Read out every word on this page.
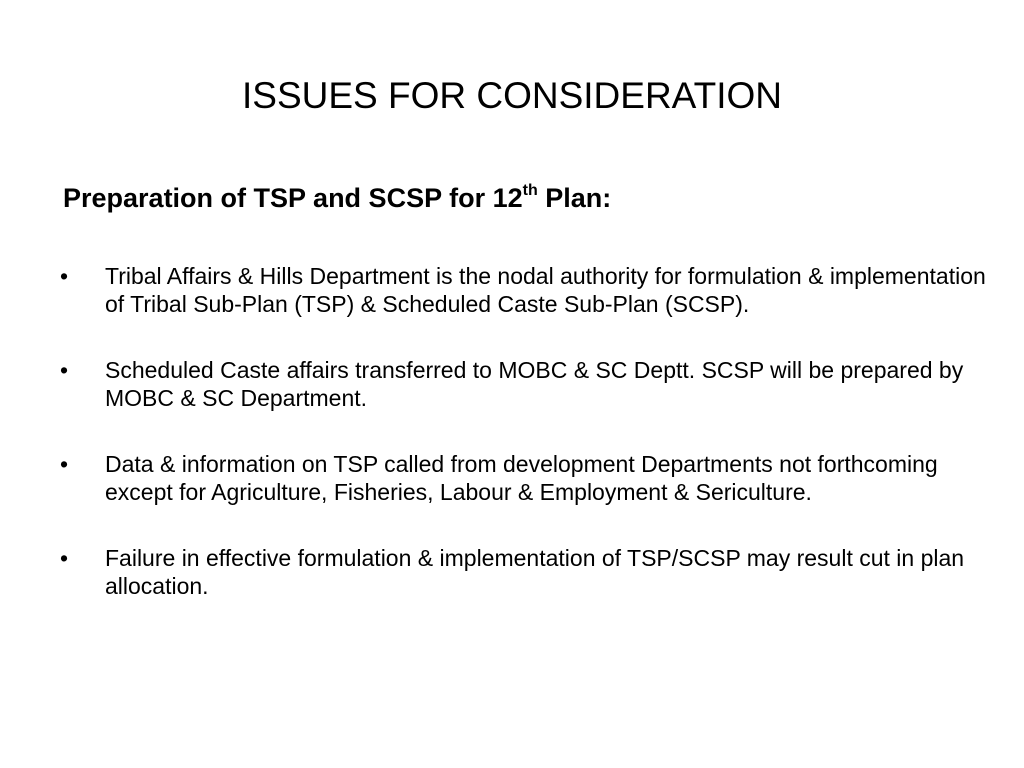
ISSUES FOR CONSIDERATION
Preparation of TSP and SCSP for 12th Plan:
• Tribal Affairs & Hills Department is the nodal authority for formulation & implementation of Tribal Sub-Plan (TSP) & Scheduled Caste Sub-Plan (SCSP).
• Scheduled Caste affairs transferred to MOBC & SC Deptt. SCSP will be prepared by MOBC & SC Department.
• Data & information on TSP called from development Departments not forthcoming except for Agriculture, Fisheries, Labour & Employment & Sericulture.
• Failure in effective formulation & implementation of TSP/SCSP may result cut in plan allocation.
